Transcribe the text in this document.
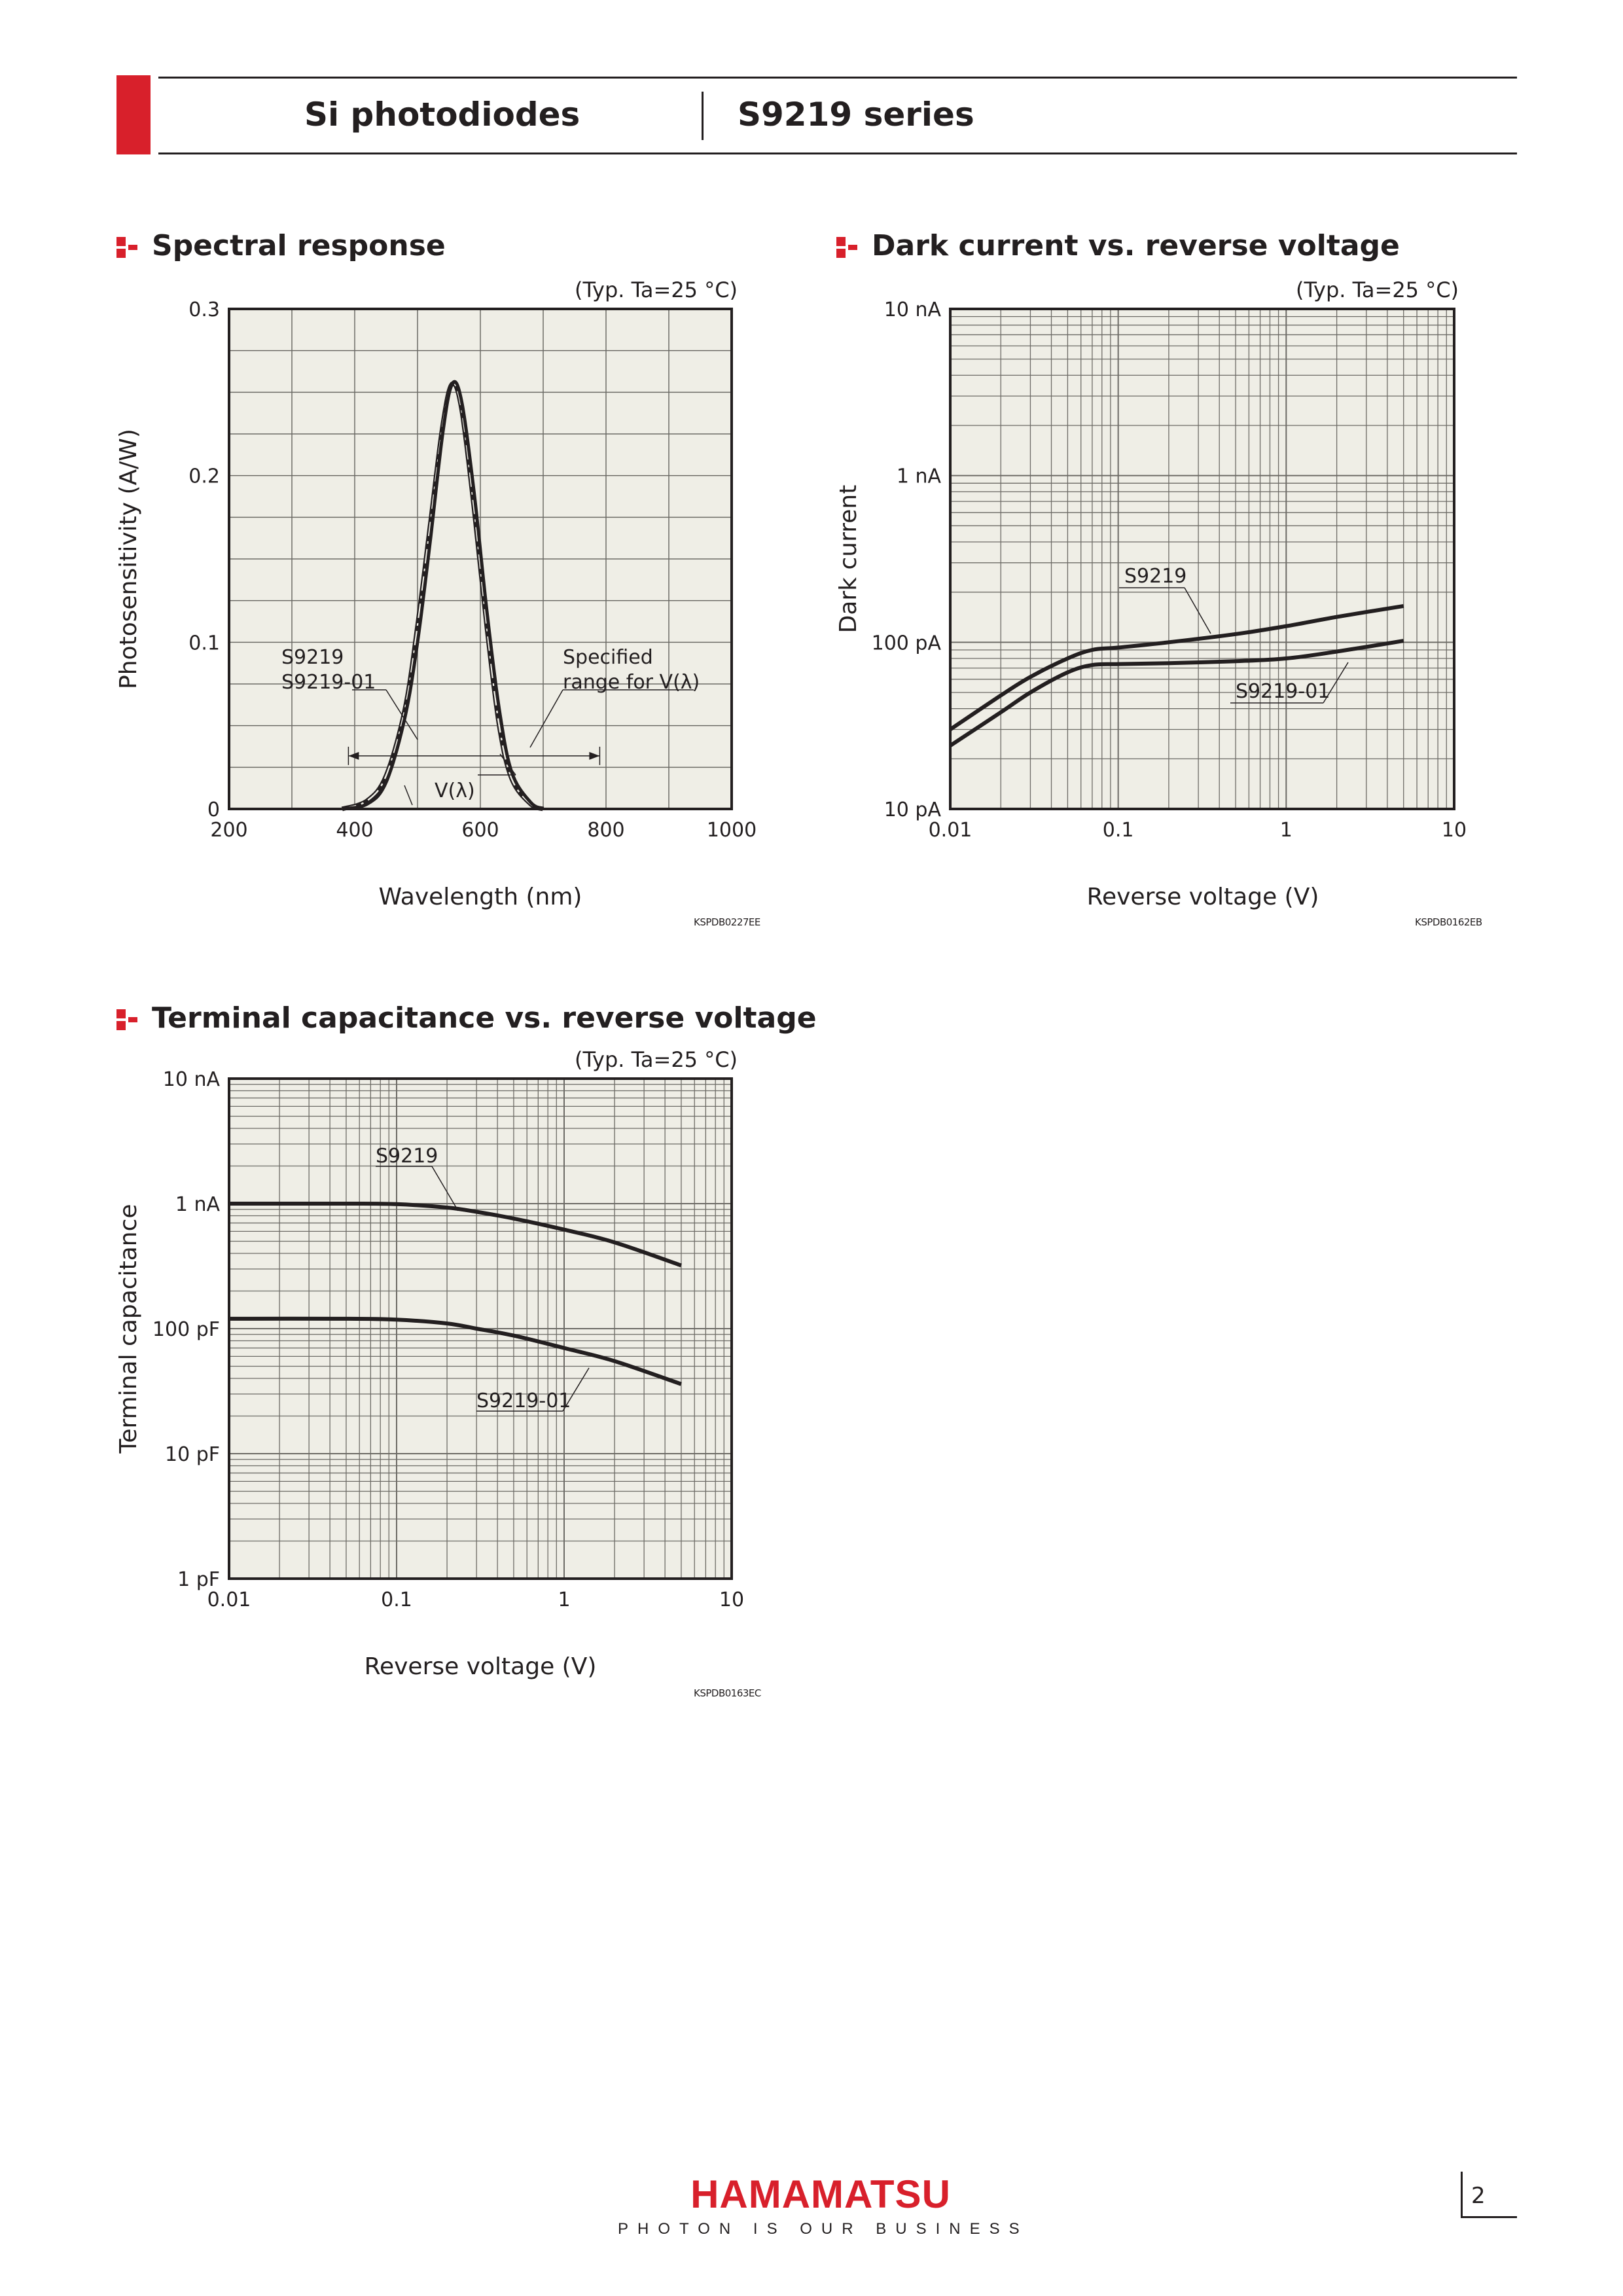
Si photodiodes	S9219 series
Spectral response	Dark current vs. reverse voltage
Terminal capacitance vs. reverse voltage
(Typ. Ta=25 °C)	(Typ. Ta=25 °C)
(Typ. Ta=25 °C)
KSPDB0227EE	KSPDB0162EB
KSPDB0163EC
0
0.1
0.2
0.3
200	400	600	800	1000
S9219
S9219-01
V(λ)
Specified
range for V(λ)
Wavelength (nm)
Photosensitivity (A/W)
10 pA
100 pA
1 nA
10 nA
0.01	0.1	1	10
S9219
S9219-01
Reverse voltage (V)
Dark current
1 pF
10 pF
100 pF
1 nA
10 nA
0.01	0.1	1	10
S9219
S9219-01
Reverse voltage (V)
Terminal capacitance
HAMAMATSU
PHOTON IS OUR BUSINESS
2
